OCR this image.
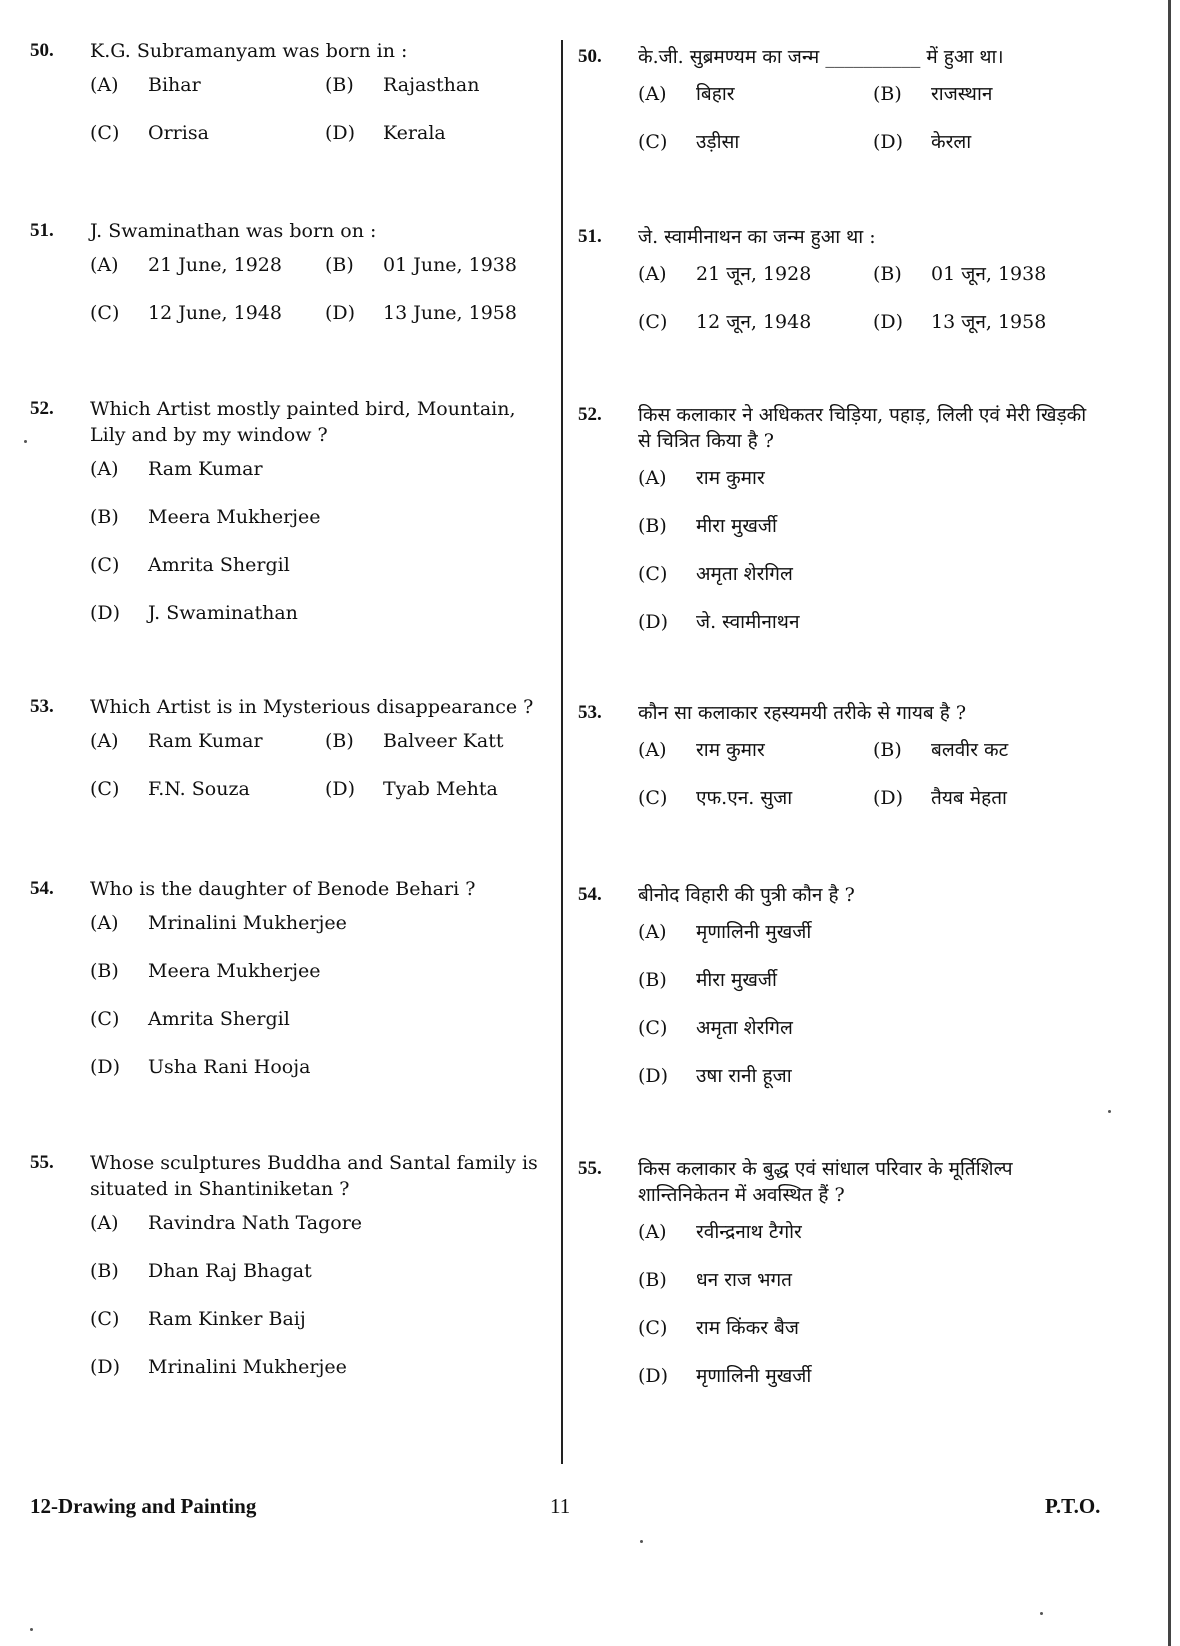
50. K.G. Subramanyam was born in :
(A) Bihar	(B) Rajasthan
(C) Orrisa	(D) Kerala
51. J. Swaminathan was born on :
(A) 21 June, 1928 (B) 01 June, 1938
(C) 12 June, 1948 (D) 13 June, 1958
52. Which Artist mostly painted bird, Mountain, Lily and by my window ?
(A) Ram Kumar
(B) Meera Mukherjee
(C) Amrita Shergil
(D) J. Swaminathan
53. Which Artist is in Mysterious disappearance ?
(A) Ram Kumar	(B) Balveer Katt
(C) F.N. Souza	(D) Tyab Mehta
54. Who is the daughter of Benode Behari ?
(A) Mrinalini Mukherjee
(B) Meera Mukherjee
(C) Amrita Shergil
(D) Usha Rani Hooja
55. Whose sculptures Buddha and Santal family is situated in Shantiniketan ?
(A) Ravindra Nath Tagore
(B) Dhan Raj Bhagat
(C) Ram Kinker Baij
(D) Mrinalini Mukherjee
50. के.जी. सुब्रमण्यम का जन्म __________ में हुआ था।
(A) बिहार	(B) राजस्थान
(C) उड़ीसा	(D) केरला
51. जे. स्वामीनाथन का जन्म हुआ था :
(A) 21 जून, 1928	(B) 01 जून, 1938
(C) 12 जून, 1948	(D) 13 जून, 1958
52. किस कलाकार ने अधिकतर चिड़िया, पहाड़, लिली एवं मेरी खिड़की से चित्रित किया है ?
(A) राम कुमार
(B) मीरा मुखर्जी
(C) अमृता शेरगिल
(D) जे. स्वामीनाथन
53. कौन सा कलाकार रहस्यमयी तरीके से गायब है ?
(A) राम कुमार	(B) बलवीर कट
(C) एफ.एन. सुजा	(D) तैयब मेहता
54. बीनोद विहारी की पुत्री कौन है ?
(A) मृणालिनी मुखर्जी
(B) मीरा मुखर्जी
(C) अमृता शेरगिल
(D) उषा रानी हूजा
55. किस कलाकार के बुद्ध एवं सांधाल परिवार के मूर्तिशिल्प शान्तिनिकेतन में अवस्थित हैं ?
(A) रवीन्द्रनाथ टैगोर
(B) धन राज भगत
(C) राम किंकर बैज
(D) मृणालिनी मुखर्जी
12-Drawing and Painting	11	P.T.O.
